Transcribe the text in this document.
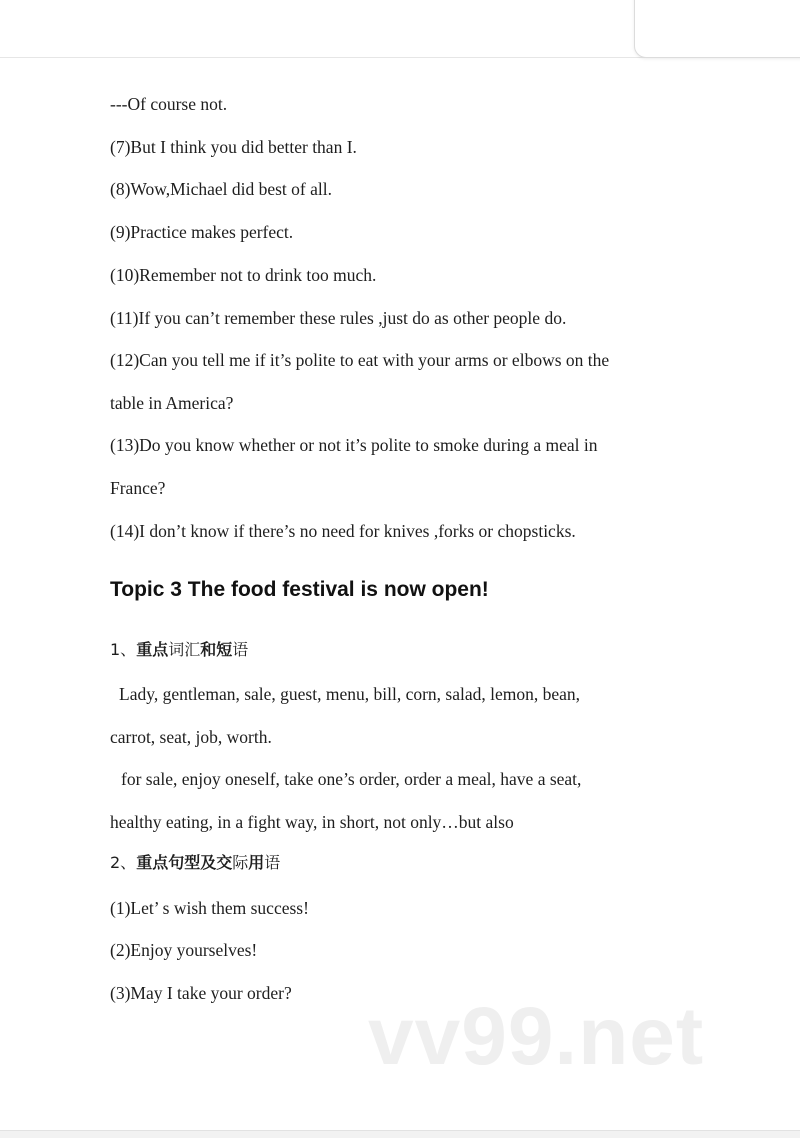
---Of course not.
(7)But I think you did better than I.
(8)Wow,Michael did best of all.
(9)Practice makes perfect.
(10)Remember not to drink too much.
(11)If you can’t remember these rules ,just do as other people do.
(12)Can you tell me if it’s polite to eat with your arms or elbows on the
table in America?
(13)Do you know whether or not it’s polite to smoke during a meal in
France?
(14)I don’t know if there’s no need for knives ,forks or chopsticks.
Topic 3 The food festival is now open!
1、重点词汇和短语
Lady, gentleman, sale, guest, menu, bill, corn, salad, lemon, bean,
carrot, seat, job, worth.
for sale, enjoy oneself, take one’s order, order a meal, have a seat,
healthy eating, in a fight way, in short, not only…but also
2、重点句型及交际用语
(1)Let’ s wish them success!
(2)Enjoy yourselves!
(3)May I take your order? vv99.net
